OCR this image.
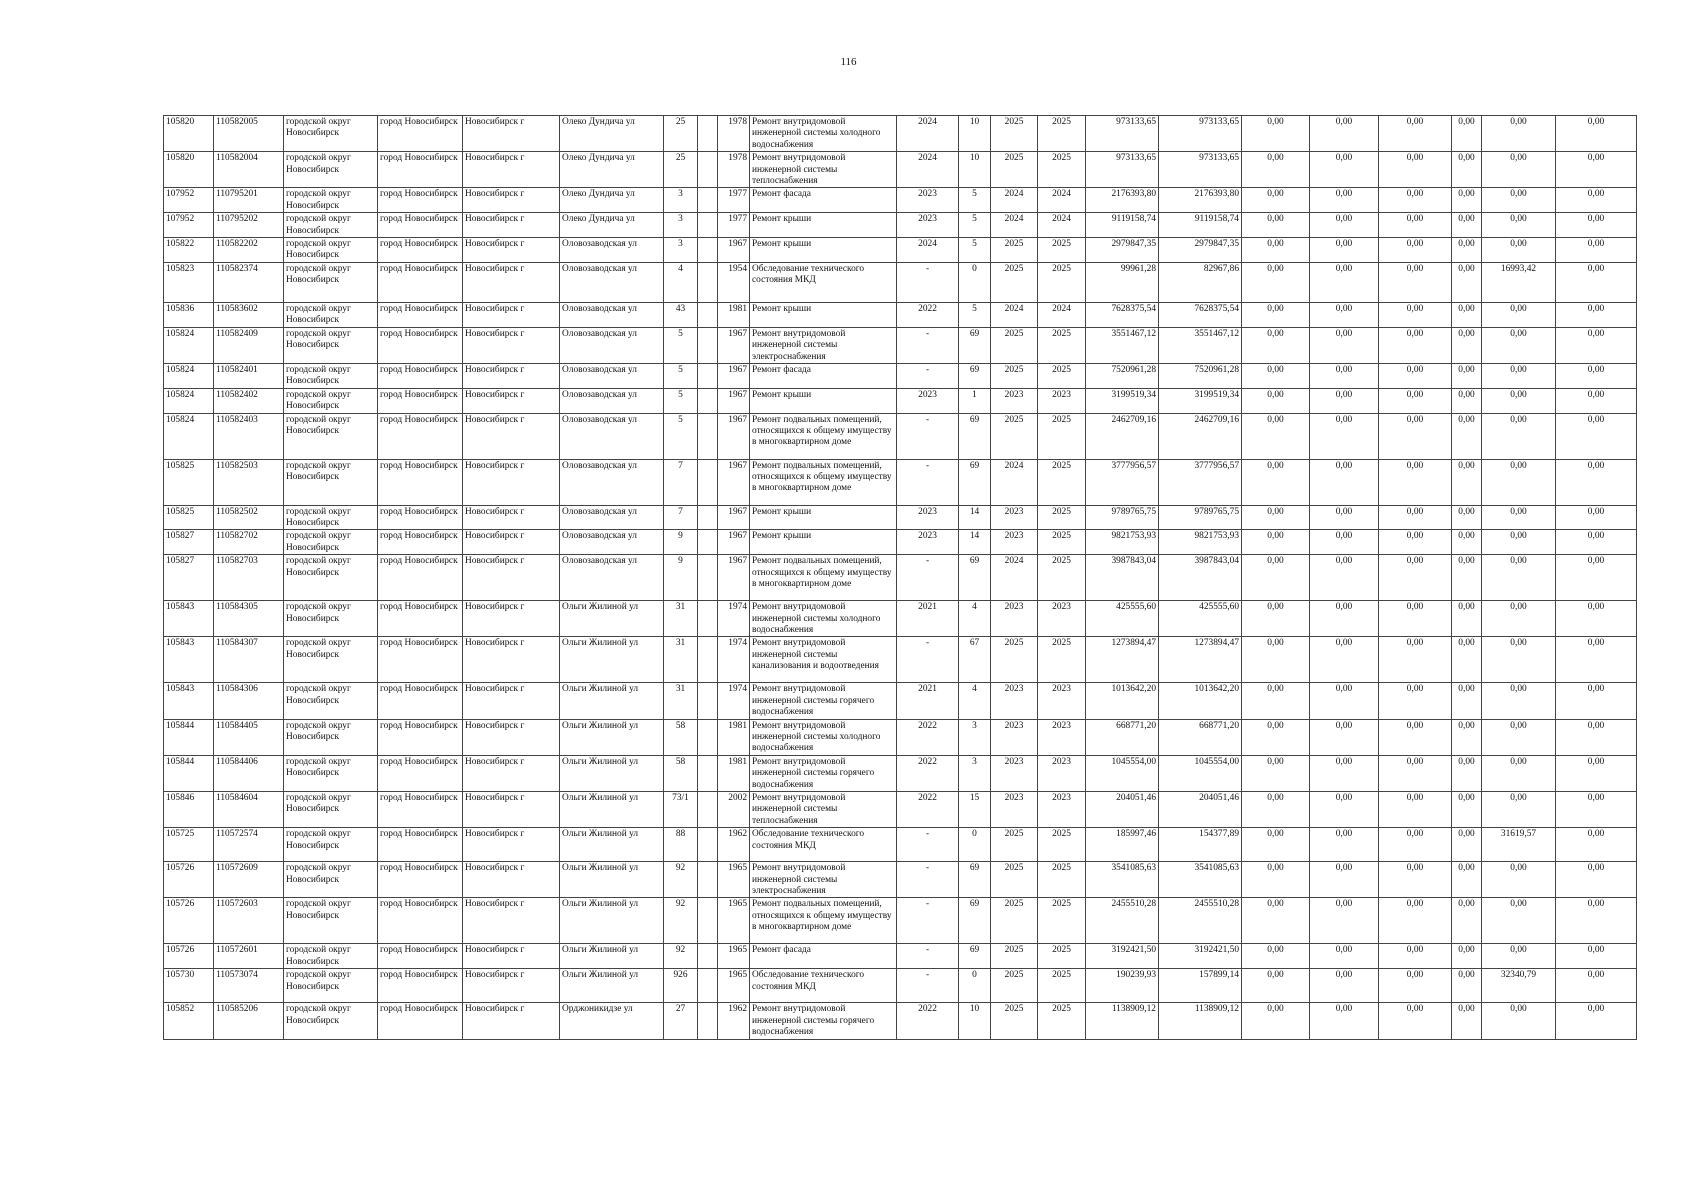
116
105820	110582005	городской округ Новосибирск	город Новосибирск	Новосибирск г	Олеко Дундича ул	25		1978	Ремонт внутридомовой инженерной системы холодного водоснабжения	2024	10	2025	2025	973133,65	973133,65	0,00	0,00	0,00	0,00	0,00	0,00
105820	110582004	городской округ Новосибирск	город Новосибирск	Новосибирск г	Олеко Дундича ул	25		1978	Ремонт внутридомовой инженерной системы теплоснабжения	2024	10	2025	2025	973133,65	973133,65	0,00	0,00	0,00	0,00	0,00	0,00
107952	110795201	городской округ Новосибирск	город Новосибирск	Новосибирск г	Олеко Дундича ул	3		1977	Ремонт фасада	2023	5	2024	2024	2176393,80	2176393,80	0,00	0,00	0,00	0,00	0,00	0,00
107952	110795202	городской округ Новосибирск	город Новосибирск	Новосибирск г	Олеко Дундича ул	3		1977	Ремонт крыши	2023	5	2024	2024	9119158,74	9119158,74	0,00	0,00	0,00	0,00	0,00	0,00
105822	110582202	городской округ Новосибирск	город Новосибирск	Новосибирск г	Оловозаводская ул	3		1967	Ремонт крыши	2024	5	2025	2025	2979847,35	2979847,35	0,00	0,00	0,00	0,00	0,00	0,00
105823	110582374	городской округ Новосибирск	город Новосибирск	Новосибирск г	Оловозаводская ул	4		1954	Обследование технического состояния МКД	-	0	2025	2025	99961,28	82967,86	0,00	0,00	0,00	0,00	16993,42	0,00
105836	110583602	городской округ Новосибирск	город Новосибирск	Новосибирск г	Оловозаводская ул	43		1981	Ремонт крыши	2022	5	2024	2024	7628375,54	7628375,54	0,00	0,00	0,00	0,00	0,00	0,00
105824	110582409	городской округ Новосибирск	город Новосибирск	Новосибирск г	Оловозаводская ул	5		1967	Ремонт внутридомовой инженерной системы электроснабжения	-	69	2025	2025	3551467,12	3551467,12	0,00	0,00	0,00	0,00	0,00	0,00
105824	110582401	городской округ Новосибирск	город Новосибирск	Новосибирск г	Оловозаводская ул	5		1967	Ремонт фасада	-	69	2025	2025	7520961,28	7520961,28	0,00	0,00	0,00	0,00	0,00	0,00
105824	110582402	городской округ Новосибирск	город Новосибирск	Новосибирск г	Оловозаводская ул	5		1967	Ремонт крыши	2023	1	2023	2023	3199519,34	3199519,34	0,00	0,00	0,00	0,00	0,00	0,00
105824	110582403	городской округ Новосибирск	город Новосибирск	Новосибирск г	Оловозаводская ул	5		1967	Ремонт подвальных помещений, относящихся к общему имуществу в многоквартирном доме	-	69	2025	2025	2462709,16	2462709,16	0,00	0,00	0,00	0,00	0,00	0,00
105825	110582503	городской округ Новосибирск	город Новосибирск	Новосибирск г	Оловозаводская ул	7		1967	Ремонт подвальных помещений, относящихся к общему имуществу в многоквартирном доме	-	69	2024	2025	3777956,57	3777956,57	0,00	0,00	0,00	0,00	0,00	0,00
105825	110582502	городской округ Новосибирск	город Новосибирск	Новосибирск г	Оловозаводская ул	7		1967	Ремонт крыши	2023	14	2023	2025	9789765,75	9789765,75	0,00	0,00	0,00	0,00	0,00	0,00
105827	110582702	городской округ Новосибирск	город Новосибирск	Новосибирск г	Оловозаводская ул	9		1967	Ремонт крыши	2023	14	2023	2025	9821753,93	9821753,93	0,00	0,00	0,00	0,00	0,00	0,00
105827	110582703	городской округ Новосибирск	город Новосибирск	Новосибирск г	Оловозаводская ул	9		1967	Ремонт подвальных помещений, относящихся к общему имуществу в многоквартирном доме	-	69	2024	2025	3987843,04	3987843,04	0,00	0,00	0,00	0,00	0,00	0,00
105843	110584305	городской округ Новосибирск	город Новосибирск	Новосибирск г	Ольги Жилиной ул	31		1974	Ремонт внутридомовой инженерной системы холодного водоснабжения	2021	4	2023	2023	425555,60	425555,60	0,00	0,00	0,00	0,00	0,00	0,00
105843	110584307	городской округ Новосибирск	город Новосибирск	Новосибирск г	Ольги Жилиной ул	31		1974	Ремонт внутридомовой инженерной системы канализования и водоотведения	-	67	2025	2025	1273894,47	1273894,47	0,00	0,00	0,00	0,00	0,00	0,00
105843	110584306	городской округ Новосибирск	город Новосибирск	Новосибирск г	Ольги Жилиной ул	31		1974	Ремонт внутридомовой инженерной системы горячего водоснабжения	2021	4	2023	2023	1013642,20	1013642,20	0,00	0,00	0,00	0,00	0,00	0,00
105844	110584405	городской округ Новосибирск	город Новосибирск	Новосибирск г	Ольги Жилиной ул	58		1981	Ремонт внутридомовой инженерной системы холодного водоснабжения	2022	3	2023	2023	668771,20	668771,20	0,00	0,00	0,00	0,00	0,00	0,00
105844	110584406	городской округ Новосибирск	город Новосибирск	Новосибирск г	Ольги Жилиной ул	58		1981	Ремонт внутридомовой инженерной системы горячего водоснабжения	2022	3	2023	2023	1045554,00	1045554,00	0,00	0,00	0,00	0,00	0,00	0,00
105846	110584604	городской округ Новосибирск	город Новосибирск	Новосибирск г	Ольги Жилиной ул	73/1		2002	Ремонт внутридомовой инженерной системы теплоснабжения	2022	15	2023	2023	204051,46	204051,46	0,00	0,00	0,00	0,00	0,00	0,00
105725	110572574	городской округ Новосибирск	город Новосибирск	Новосибирск г	Ольги Жилиной ул	88		1962	Обследование технического состояния МКД	-	0	2025	2025	185997,46	154377,89	0,00	0,00	0,00	0,00	31619,57	0,00
105726	110572609	городской округ Новосибирск	город Новосибирск	Новосибирск г	Ольги Жилиной ул	92		1965	Ремонт внутридомовой инженерной системы электроснабжения	-	69	2025	2025	3541085,63	3541085,63	0,00	0,00	0,00	0,00	0,00	0,00
105726	110572603	городской округ Новосибирск	город Новосибирск	Новосибирск г	Ольги Жилиной ул	92		1965	Ремонт подвальных помещений, относящихся к общему имуществу в многоквартирном доме	-	69	2025	2025	2455510,28	2455510,28	0,00	0,00	0,00	0,00	0,00	0,00
105726	110572601	городской округ Новосибирск	город Новосибирск	Новосибирск г	Ольги Жилиной ул	92		1965	Ремонт фасада	-	69	2025	2025	3192421,50	3192421,50	0,00	0,00	0,00	0,00	0,00	0,00
105730	110573074	городской округ Новосибирск	город Новосибирск	Новосибирск г	Ольги Жилиной ул	926		1965	Обследование технического состояния МКД	-	0	2025	2025	190239,93	157899,14	0,00	0,00	0,00	0,00	32340,79	0,00
105852	110585206	городской округ Новосибирск	город Новосибирск	Новосибирск г	Орджоникидзе ул	27		1962	Ремонт внутридомовой инженерной системы горячего водоснабжения	2022	10	2025	2025	1138909,12	1138909,12	0,00	0,00	0,00	0,00	0,00	0,00
